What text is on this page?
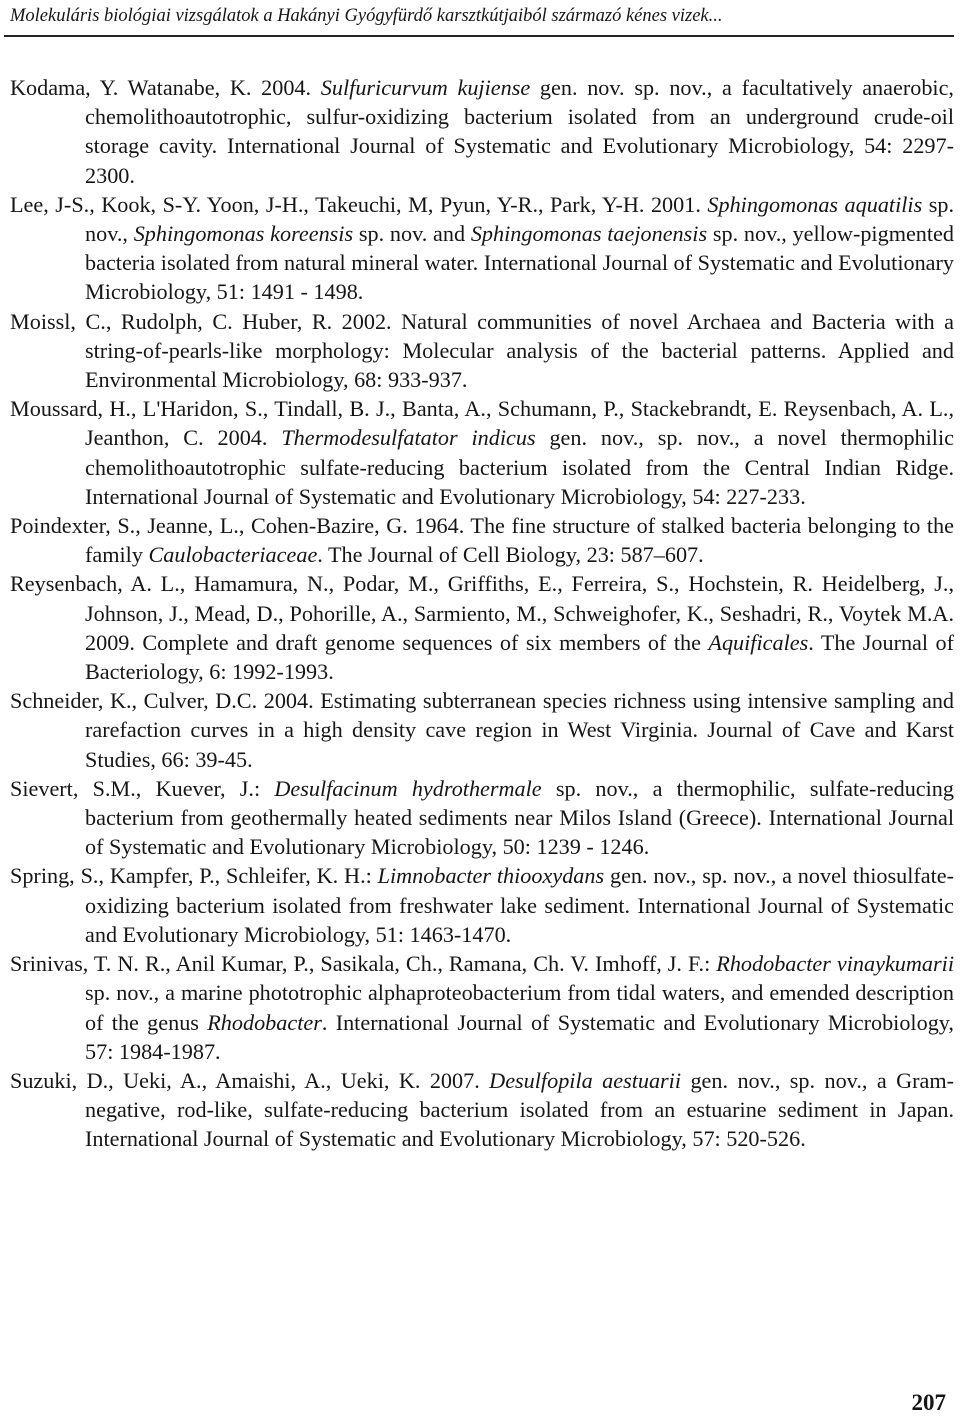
Molekuláris biológiai vizsgálatok a Hakányi Gyógyfürdő karsztkútjaiból származó kénes vizek...

Kodama, Y. Watanabe, K. 2004. Sulfuricurvum kujiense gen. nov. sp. nov., a facultatively anaerobic, chemolithoautotrophic, sulfur-oxidizing bacterium isolated from an underground crude-oil storage cavity. International Journal of Systematic and Evolutionary Microbiology, 54: 2297-2300.

Lee, J-S., Kook, S-Y. Yoon, J-H., Takeuchi, M, Pyun, Y-R., Park, Y-H. 2001. Sphingomonas aquatilis sp. nov., Sphingomonas koreensis sp. nov. and Sphingomonas taejonensis sp. nov., yellow-pigmented bacteria isolated from natural mineral water. International Journal of Systematic and Evolutionary Microbiology, 51: 1491 - 1498.

Moissl, C., Rudolph, C. Huber, R. 2002. Natural communities of novel Archaea and Bacteria with a string-of-pearls-like morphology: Molecular analysis of the bacterial patterns. Applied and Environmental Microbiology, 68: 933-937.

Moussard, H., L'Haridon, S., Tindall, B. J., Banta, A., Schumann, P., Stackebrandt, E. Reysenbach, A. L., Jeanthon, C. 2004. Thermodesulfatator indicus gen. nov., sp. nov., a novel thermophilic chemolithoautotrophic sulfate-reducing bacterium isolated from the Central Indian Ridge. International Journal of Systematic and Evolutionary Microbiology, 54: 227-233.

Poindexter, S., Jeanne, L., Cohen-Bazire, G. 1964. The fine structure of stalked bacteria belonging to the family Caulobacteriaceae. The Journal of Cell Biology, 23: 587–607.

Reysenbach, A. L., Hamamura, N., Podar, M., Griffiths, E., Ferreira, S., Hochstein, R. Heidelberg, J., Johnson, J., Mead, D., Pohorille, A., Sarmiento, M., Schweighofer, K., Seshadri, R., Voytek M.A. 2009. Complete and draft genome sequences of six members of the Aquificales. The Journal of Bacteriology, 6: 1992-1993.

Schneider, K., Culver, D.C. 2004. Estimating subterranean species richness using intensive sampling and rarefaction curves in a high density cave region in West Virginia. Journal of Cave and Karst Studies, 66: 39-45.

Sievert, S.M., Kuever, J.: Desulfacinum hydrothermale sp. nov., a thermophilic, sulfate-reducing bacterium from geothermally heated sediments near Milos Island (Greece). International Journal of Systematic and Evolutionary Microbiology, 50: 1239 - 1246.

Spring, S., Kampfer, P., Schleifer, K. H.: Limnobacter thiooxydans gen. nov., sp. nov., a novel thiosulfate-oxidizing bacterium isolated from freshwater lake sediment. International Journal of Systematic and Evolutionary Microbiology, 51: 1463-1470.

Srinivas, T. N. R., Anil Kumar, P., Sasikala, Ch., Ramana, Ch. V. Imhoff, J. F.: Rhodobacter vinaykumarii sp. nov., a marine phototrophic alphaproteobacterium from tidal waters, and emended description of the genus Rhodobacter. International Journal of Systematic and Evolutionary Microbiology, 57: 1984-1987.

Suzuki, D., Ueki, A., Amaishi, A., Ueki, K. 2007. Desulfopila aestuarii gen. nov., sp. nov., a Gram-negative, rod-like, sulfate-reducing bacterium isolated from an estuarine sediment in Japan. International Journal of Systematic and Evolutionary Microbiology, 57: 520-526.

207
